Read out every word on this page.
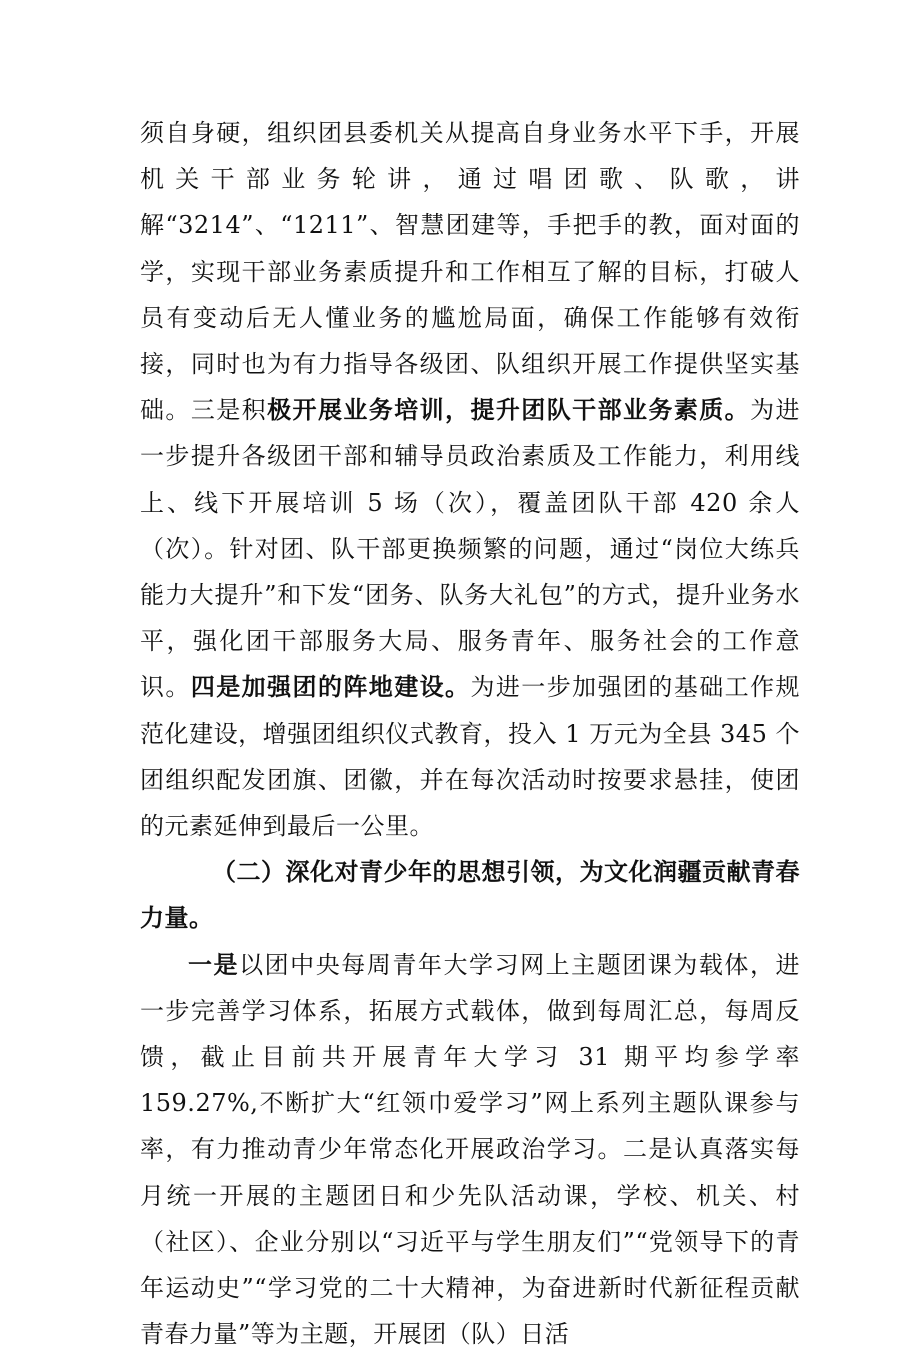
须自身硬，组织团县委机关从提高自身业务水平下手，开展机关干部业务轮讲，通过唱团歌、队歌，讲解“3214”、“1211”、智慧团建等，手把手的教，面对面的学，实现干部业务素质提升和工作相互了解的目标，打破人员有变动后无人懂业务的尴尬局面，确保工作能够有效衔接，同时也为有力指导各级团、队组织开展工作提供坚实基础。三是积极开展业务培训，提升团队干部业务素质。为进一步提升各级团干部和辅导员政治素质及工作能力，利用线上、线下开展培训 5 场（次），覆盖团队干部 420 余人（次）。针对团、队干部更换频繁的问题，通过“岗位大练兵能力大提升”和下发“团务、队务大礼包”的方式，提升业务水平，强化团干部服务大局、服务青年、服务社会的工作意识。四是加强团的阵地建设。为进一步加强团的基础工作规范化建设，增强团组织仪式教育，投入 1 万元为全县 345 个团组织配发团旗、团徽，并在每次活动时按要求悬挂，使团的元素延伸到最后一公里。

（二）深化对青少年的思想引领，为文化润疆贡献青春力量。

一是以团中央每周青年大学习网上主题团课为载体，进一步完善学习体系，拓展方式载体，做到每周汇总，每周反馈，截止目前共开展青年大学习 31 期平均参学率 159.27%,不断扩大“红领巾爱学习”网上系列主题队课参与率，有力推动青少年常态化开展政治学习。二是认真落实每月统一开展的主题团日和少先队活动课，学校、机关、村（社区）、企业分别以“习近平与学生朋友们”“党领导下的青年运动史”“学习党的二十大精神，为奋进新时代新征程贡献青春力量”等为主题，开展团（队）日活
